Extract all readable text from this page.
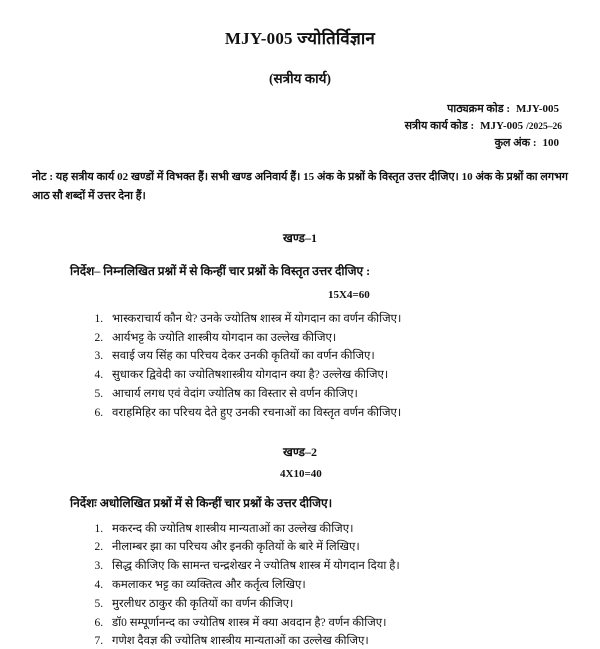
MJY-005 ज्योतिर्विज्ञान
(सत्रीय कार्य)
पाठ्यक्रम कोड : MJY-005
सत्रीय कार्य कोड : MJY-005 /2025–26
कुल अंक : 100
नोट : यह सत्रीय कार्य 02 खण्डों में विभक्त हैं। सभी खण्ड अनिवार्य हैं। 15 अंक के प्रश्नों के विस्तृत उत्तर दीजिए। 10 अंक के प्रश्नों का लगभग आठ सौ शब्दों में उत्तर देना हैं।
खण्ड–1
निर्देश– निम्नलिखित प्रश्नों में से किन्हीं चार प्रश्नों के विस्तृत उत्तर दीजिए :
15X4=60
1. भास्कराचार्य कौन थे? उनके ज्योतिष शास्त्र में योगदान का वर्णन कीजिए।
2. आर्यभट्ट के ज्योति शास्त्रीय योगदान का उल्लेख कीजिए।
3. सवाई जय सिंह का परिचय देकर उनकी कृतियों का वर्णन कीजिए।
4. सुधाकर द्विवेदी का ज्योतिषशास्त्रीय योगदान क्या है? उल्लेख कीजिए।
5. आचार्य लगध एवं वेदांग ज्योतिष का विस्तार से वर्णन कीजिए।
6. वराहमिहिर का परिचय देते हुए उनकी रचनाओं का विस्तृत वर्णन कीजिए।
खण्ड–2
4X10=40
निर्देशः अधोलिखित प्रश्नों में से किन्हीं चार प्रश्नों के उत्तर दीजिए।
1. मकरन्द की ज्योतिष शास्त्रीय मान्यताओं का उल्लेख कीजिए।
2. नीलाम्बर झा का परिचय और इनकी कृतियों के बारे में लिखिए।
3. सिद्ध कीजिए कि सामन्त चन्द्रशेखर ने ज्योतिष शास्त्र में योगदान दिया है।
4. कमलाकर भट्ट का व्यक्तित्व और कर्तृत्व लिखिए।
5. मुरलीधर ठाकुर की कृतियों का वर्णन कीजिए।
6. डॉ0 सम्पूर्णानन्द का ज्योतिष शास्त्र में क्या अवदान है? वर्णन कीजिए।
7. गणेश दैवज्ञ की ज्योतिष शास्त्रीय मान्यताओं का उल्लेख कीजिए।
